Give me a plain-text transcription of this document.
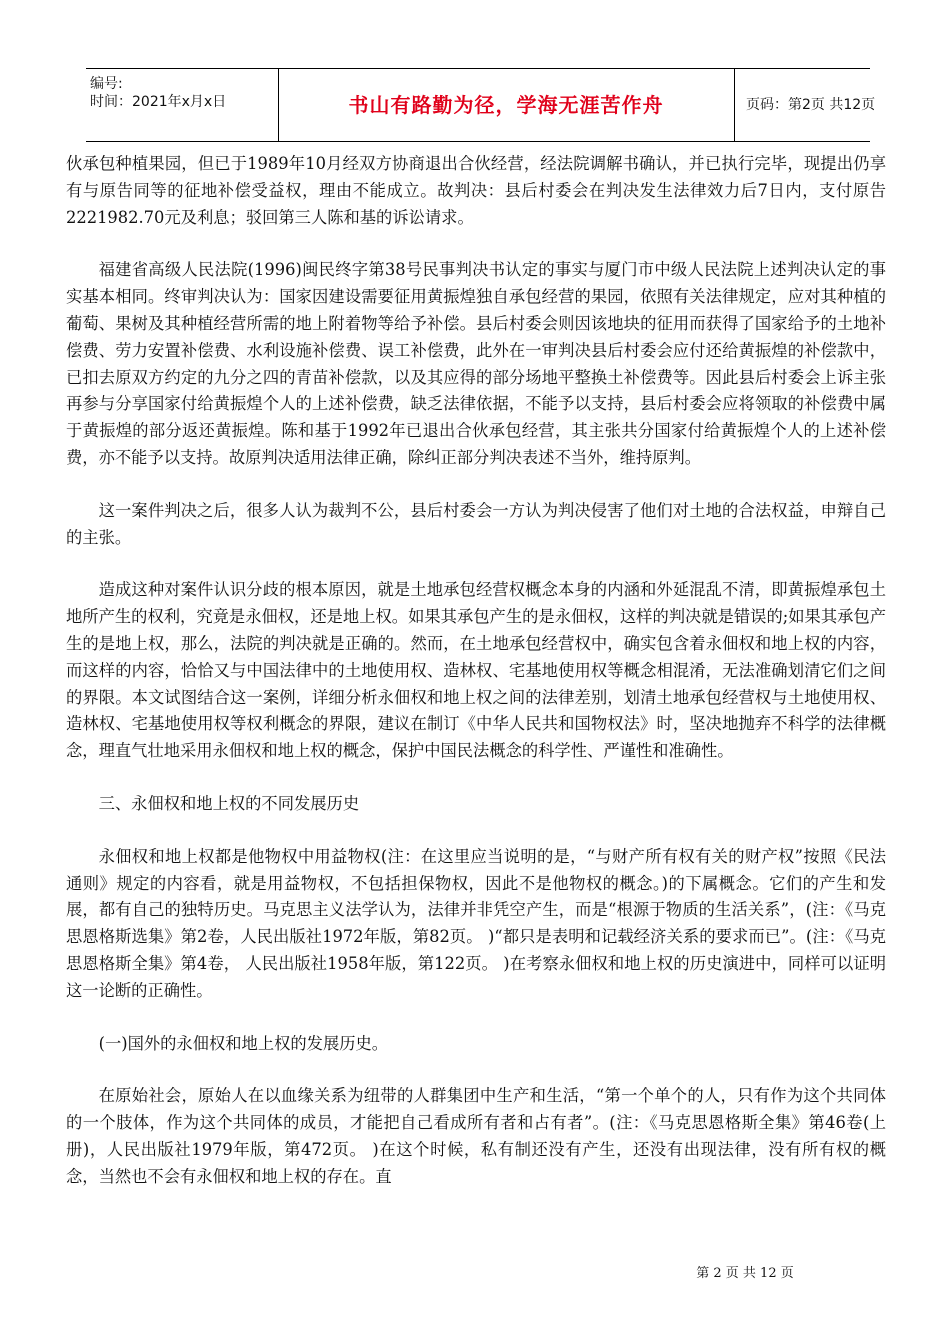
编号:
时间：2021年x月x日	书山有路勤为径，学海无涯苦作舟	页码：第2页 共12页

伙承包种植果园，但已于1989年10月经双方协商退出合伙经营，经法院调解书确认，并已执行完毕，现提出仍享有与原告同等的征地补偿受益权，理由不能成立。故判决：县后村委会在判决发生法律效力后7日内，支付原告2221982.70元及利息；驳回第三人陈和基的诉讼请求。

福建省高级人民法院(1996)闽民终字第38号民事判决书认定的事实与厦门市中级人民法院上述判决认定的事实基本相同。终审判决认为：国家因建设需要征用黄振煌独自承包经营的果园，依照有关法律规定，应对其种植的葡萄、果树及其种植经营所需的地上附着物等给予补偿。县后村委会则因该地块的征用而获得了国家给予的土地补偿费、劳力安置补偿费、水利设施补偿费、误工补偿费，此外在一审判决县后村委会应付还给黄振煌的补偿款中，已扣去原双方约定的九分之四的青苗补偿款，以及其应得的部分场地平整换土补偿费等。因此县后村委会上诉主张再参与分享国家付给黄振煌个人的上述补偿费，缺乏法律依据，不能予以支持，县后村委会应将领取的补偿费中属于黄振煌的部分返还黄振煌。陈和基于1992年已退出合伙承包经营，其主张共分国家付给黄振煌个人的上述补偿费，亦不能予以支持。故原判决适用法律正确，除纠正部分判决表述不当外，维持原判。

这一案件判决之后，很多人认为裁判不公，县后村委会一方认为判决侵害了他们对土地的合法权益，申辩自己的主张。

造成这种对案件认识分歧的根本原因，就是土地承包经营权概念本身的内涵和外延混乱不清，即黄振煌承包土地所产生的权利，究竟是永佃权，还是地上权。如果其承包产生的是永佃权，这样的判决就是错误的;如果其承包产生的是地上权，那么，法院的判决就是正确的。然而，在土地承包经营权中，确实包含着永佃权和地上权的内容，而这样的内容，恰恰又与中国法律中的土地使用权、造林权、宅基地使用权等概念相混淆，无法准确划清它们之间的界限。本文试图结合这一案例，详细分析永佃权和地上权之间的法律差别，划清土地承包经营权与土地使用权、造林权、宅基地使用权等权利概念的界限，建议在制订《中华人民共和国物权法》时，坚决地抛弃不科学的法律概念，理直气壮地采用永佃权和地上权的概念，保护中国民法概念的科学性、严谨性和准确性。

三、永佃权和地上权的不同发展历史

永佃权和地上权都是他物权中用益物权(注：在这里应当说明的是，“与财产所有权有关的财产权”按照《民法通则》规定的内容看，就是用益物权，不包括担保物权，因此不是他物权的概念。)的下属概念。它们的产生和发展，都有自己的独特历史。马克思主义法学认为，法律并非凭空产生，而是“根源于物质的生活关系”，(注：《马克思恩格斯选集》第2卷，人民出版社1972年版，第82页。 )“都只是表明和记载经济关系的要求而已”。(注：《马克思恩格斯全集》第4卷， 人民出版社1958年版，第122页。 )在考察永佃权和地上权的历史演进中，同样可以证明这一论断的正确性。

(一)国外的永佃权和地上权的发展历史。

在原始社会，原始人在以血缘关系为纽带的人群集团中生产和生活，“第一个单个的人，只有作为这个共同体的一个肢体，作为这个共同体的成员，才能把自己看成所有者和占有者”。(注：《马克思恩格斯全集》第46卷(上册)，人民出版社1979年版，第472页。 )在这个时候，私有制还没有产生，还没有出现法律，没有所有权的概念，当然也不会有永佃权和地上权的存在。直

第 2 页 共 12 页
